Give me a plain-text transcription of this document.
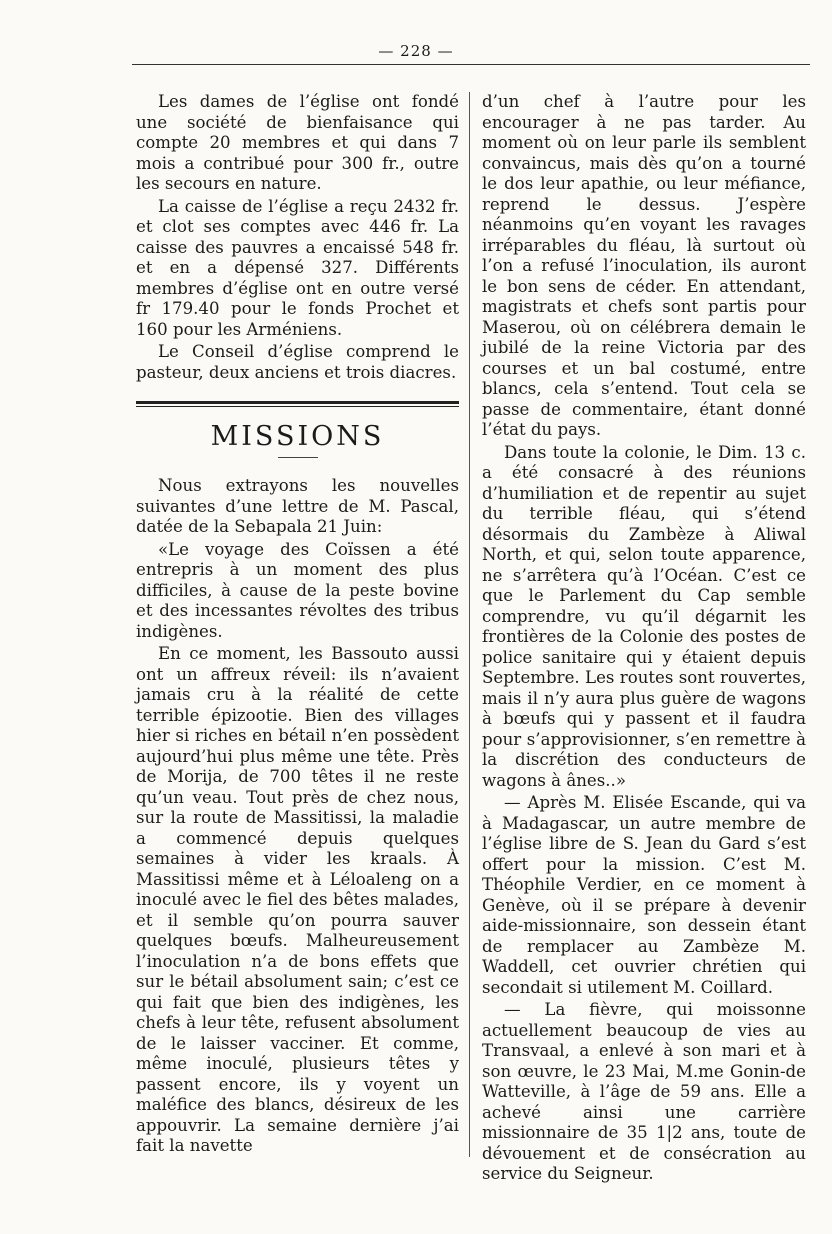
— 228 —

Les dames de l’église ont fondé une société de bienfaisance qui compte 20 membres et qui dans 7 mois a contribué pour 300 fr., outre les secours en nature.

La caisse de l’église a reçu 2432 fr. et clot ses comptes avec 446 fr. La caisse des pauvres a encaissé 548 fr. et en a dépensé 327. Différents membres d’église ont en outre versé fr 179.40 pour le fonds Prochet et 160 pour les Arméniens.

Le Conseil d’église comprend le pasteur, deux anciens et trois diacres.

MISSIONS

Nous extrayons les nouvelles suivantes d’une lettre de M. Pascal, datée de la Sebapala 21 Juin:

«Le voyage des Coïssen a été entrepris à un moment des plus difficiles, à cause de la peste bovine et des incessantes révoltes des tribus indigènes.

En ce moment, les Bassouto aussi ont un affreux réveil: ils n’avaient jamais cru à la réalité de cette terrible épizootie. Bien des villages hier si riches en bétail n’en possèdent aujourd’hui plus même une tête. Près de Morija, de 700 têtes il ne reste qu’un veau. Tout près de chez nous, sur la route de Massitissi, la maladie a commencé depuis quelques semaines à vider les kraals. À Massitissi même et à Léloaleng on a inoculé avec le fiel des bêtes malades, et il semble qu’on pourra sauver quelques bœufs. Malheureusement l’inoculation n’a de bons effets que sur le bétail absolument sain; c’est ce qui fait que bien des indigènes, les chefs à leur tête, refusent absolument de le laisser vacciner. Et comme, même inoculé, plusieurs têtes y passent encore, ils y voyent un maléfice des blancs, désireux de les appouvrir. La semaine dernière j’ai fait la navette

d’un chef à l’autre pour les encourager à ne pas tarder. Au moment où on leur parle ils semblent convaincus, mais dès qu’on a tourné le dos leur apathie, ou leur méfiance, reprend le dessus. J’espère néanmoins qu’en voyant les ravages irréparables du fléau, là surtout où l’on a refusé l’inoculation, ils auront le bon sens de céder. En attendant, magistrats et chefs sont partis pour Maserou, où on célébrera demain le jubilé de la reine Victoria par des courses et un bal costumé, entre blancs, cela s’entend. Tout cela se passe de commentaire, étant donné l’état du pays.

Dans toute la colonie, le Dim. 13 c. a été consacré à des réunions d’humiliation et de repentir au sujet du terrible fléau, qui s’étend désormais du Zambèze à Aliwal North, et qui, selon toute apparence, ne s’arrêtera qu’à l’Océan. C’est ce que le Parlement du Cap semble comprendre, vu qu’il dégarnit les frontières de la Colonie des postes de police sanitaire qui y étaient depuis Septembre. Les routes sont rouvertes, mais il n’y aura plus guère de wagons à bœufs qui y passent et il faudra pour s’approvisionner, s’en remettre à la discrétion des conducteurs de wagons à ânes..»

— Après M. Elisée Escande, qui va à Madagascar, un autre membre de l’église libre de S. Jean du Gard s’est offert pour la mission. C’est M. Théophile Verdier, en ce moment à Genève, où il se prépare à devenir aide-missionnaire, son dessein étant de remplacer au Zambèze M. Waddell, cet ouvrier chrétien qui secondait si utilement M. Coillard.

— La fièvre, qui moissonne actuellement beaucoup de vies au Transvaal, a enlevé à son mari et à son œuvre, le 23 Mai, M.me Gonin-de Watteville, à l’âge de 59 ans. Elle a achevé ainsi une carrière missionnaire de 35 1|2 ans, toute de dévouement et de consécration au service du Seigneur.
